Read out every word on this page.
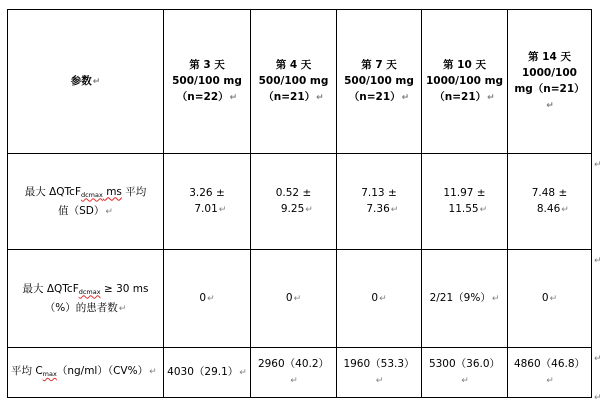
参数↵	第 3 天
500/100 mg
（n=22）↵	第 4 天
500/100 mg
（n=21）↵	第 7 天
500/100 mg
（n=21）↵	第 10 天
1000/100 mg
（n=21）↵	第 14 天
1000/100
mg（n=21）↵

最大 ΔQTcF$_{dcmax}$ ms 平均
值（SD）↵	3.26 ±
7.01↵	0.52 ±
9.25↵	7.13 ±
7.36↵	11.97 ±
11.55↵	7.48 ±
8.46↵

最大 ΔQTcF$_{dcmax}$ ≥ 30 ms
（%）的患者数↵	0↵	0↵	0↵	2/21（9%）↵	0↵
平均 $C_{max}(ng/ml)(CV\%)↵$	4030（29.1）↵	2960（40.2）↵	1960（53.3）↵	5300（36.0）↵	4860（46.8）↵
↵
↵
↵
↵
